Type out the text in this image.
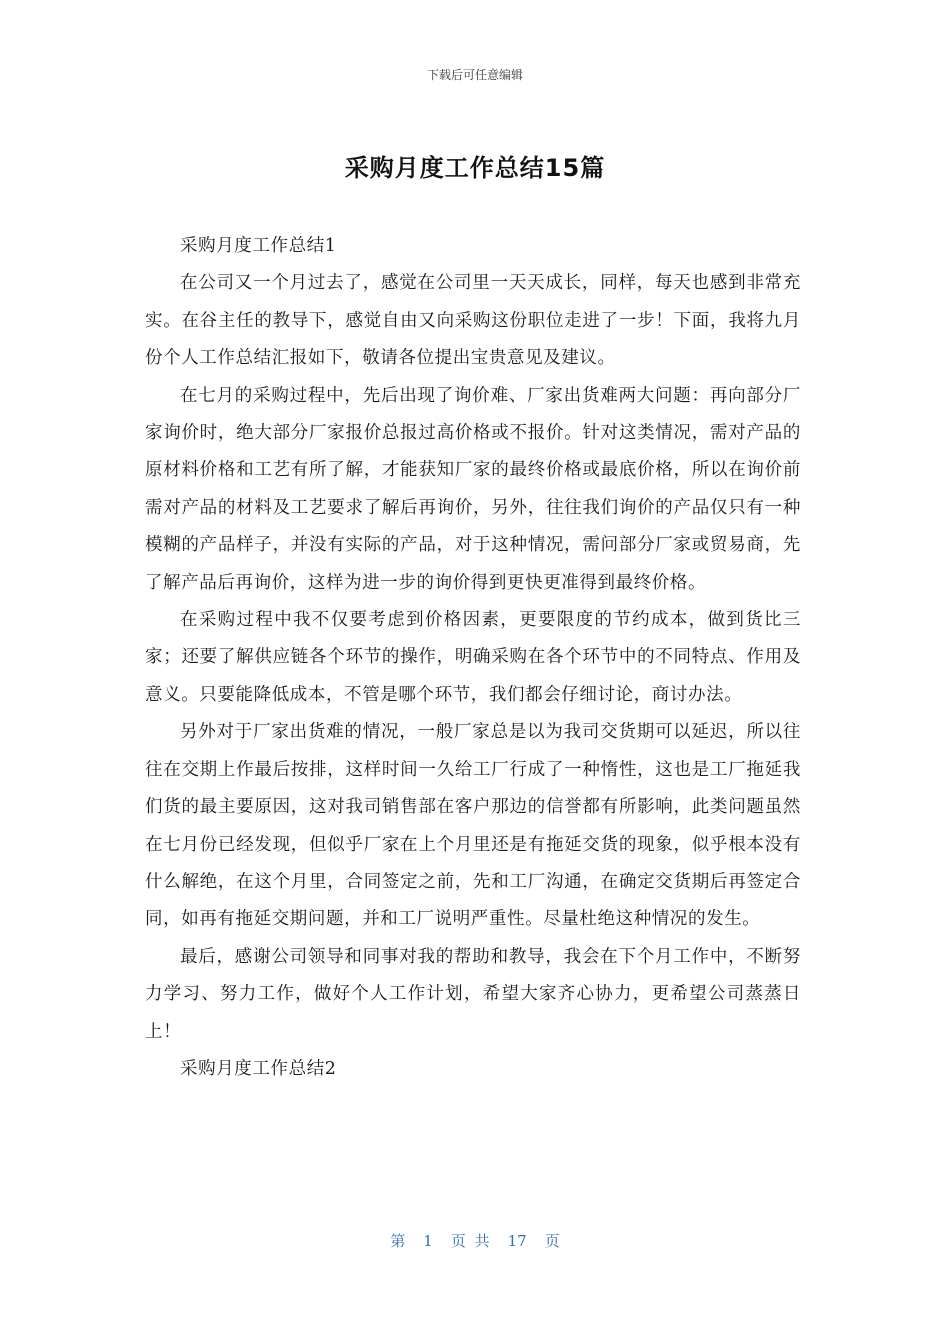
下载后可任意编辑
采购月度工作总结15篇

采购月度工作总结1

在公司又一个月过去了，感觉在公司里一天天成长，同样，每天也感到非常充实。在谷主任的教导下，感觉自由又向采购这份职位走进了一步！下面，我将九月份个人工作总结汇报如下，敬请各位提出宝贵意见及建议。

在七月的采购过程中，先后出现了询价难、厂家出货难两大问题：再向部分厂家询价时，绝大部分厂家报价总报过高价格或不报价。针对这类情况，需对产品的原材料价格和工艺有所了解，才能获知厂家的最终价格或最底价格，所以在询价前需对产品的材料及工艺要求了解后再询价，另外，往往我们询价的产品仅只有一种模糊的产品样子，并没有实际的产品，对于这种情况，需问部分厂家或贸易商，先了解产品后再询价，这样为进一步的询价得到更快更准得到最终价格。

在采购过程中我不仅要考虑到价格因素，更要限度的节约成本，做到货比三家；还要了解供应链各个环节的操作，明确采购在各个环节中的不同特点、作用及意义。只要能降低成本，不管是哪个环节，我们都会仔细讨论，商讨办法。

另外对于厂家出货难的情况，一般厂家总是以为我司交货期可以延迟，所以往往在交期上作最后按排，这样时间一久给工厂行成了一种惰性，这也是工厂拖延我们货的最主要原因，这对我司销售部在客户那边的信誉都有所影响，此类问题虽然在七月份已经发现，但似乎厂家在上个月里还是有拖延交货的现象，似乎根本没有什么解绝，在这个月里，合同签定之前，先和工厂沟通，在确定交货期后再签定合同，如再有拖延交期问题，并和工厂说明严重性。尽量杜绝这种情况的发生。

最后，感谢公司领导和同事对我的帮助和教导，我会在下个月工作中，不断努力学习、努力工作，做好个人工作计划，希望大家齐心协力，更希望公司蒸蒸日上！

采购月度工作总结2

第 1 页 共 17 页
